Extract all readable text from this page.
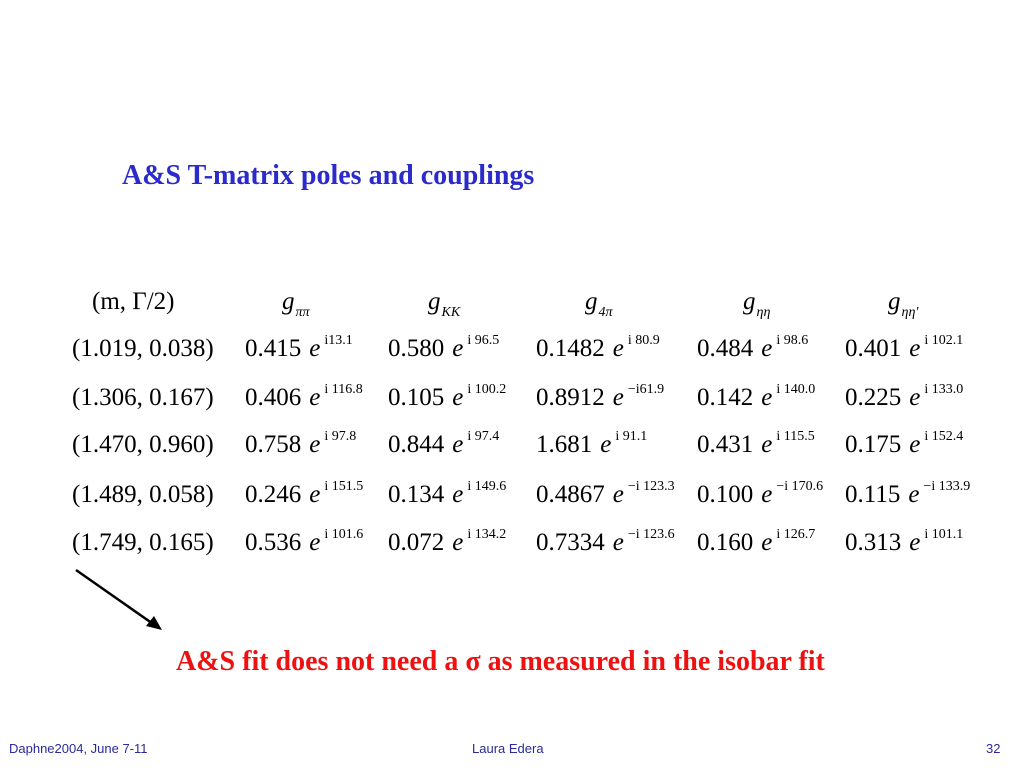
A&S T-matrix poles and couplings
(m, Γ/2)	$g_{\pi\pi}$	$g_{KK}$	$g_{4\pi}$	$g_{\eta\eta}$	$g_{\eta\eta'}$
(1.019, 0.038) 0.415 e $^{i13.1}$ 0.580 e $^{i 96.5}$ 0.1482 e $^{i 80.9}$ 0.484 e $^{i 98.6}$ 0.401 e $^{i 102.1}$
(1.306, 0.167) 0.406 e $^{i 116.8}$ 0.105 e $^{i 100.2}$ 0.8912 e $^{-i61.9}$ 0.142 e $^{i 140.0}$ 0.225 e $^{i 133.0}$
(1.470, 0.960) 0.758 e $^{i 97.8}$ 0.844 e $^{i 97.4}$ 1.681 e $^{i 91.1}$ 0.431 e $^{i 115.5}$ 0.175 e $^{i 152.4}$
(1.489, 0.058) 0.246 e $^{i 151.5}$ 0.134 e $^{i 149.6}$ 0.4867 e $^{-i 123.3}$ 0.100 e $^{-i 170.6}$ 0.115 e $^{-i 133.9}$
(1.749, 0.165) 0.536 e $^{i 101.6}$ 0.072 e $^{i 134.2}$ 0.7334 e $^{-i 123.6}$ 0.160 e $^{i 126.7}$ 0.313 e $^{i 101.1}$
A&S fit does not need a σ as measured in the isobar fit
Daphne2004, June 7-11	Laura Edera	32
